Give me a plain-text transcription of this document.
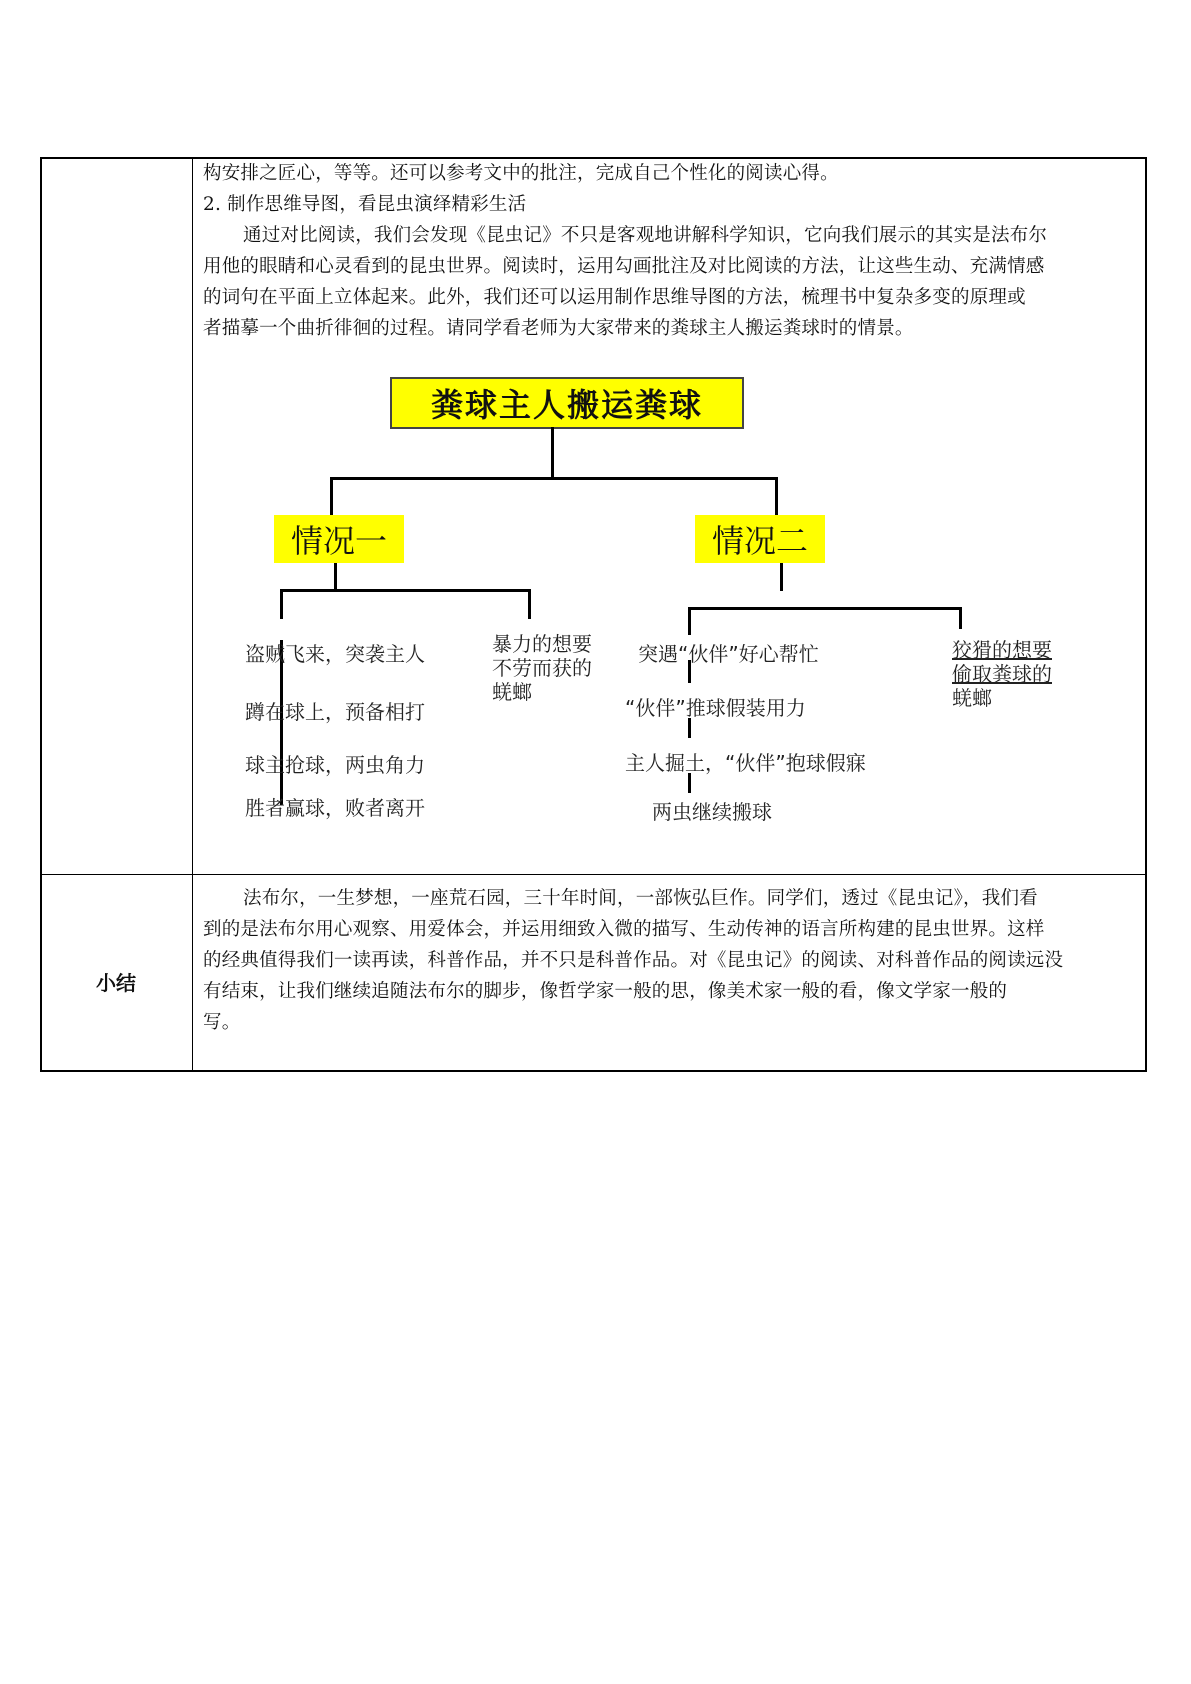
构安排之匠心，等等。还可以参考文中的批注，完成自己个性化的阅读心得。
2. 制作思维导图，看昆虫演绎精彩生活
通过对比阅读，我们会发现《昆虫记》不只是客观地讲解科学知识，它向我们展示的其实是法布尔
用他的眼睛和心灵看到的昆虫世界。阅读时，运用勾画批注及对比阅读的方法，让这些生动、充满情感
的词句在平面上立体起来。此外，我们还可以运用制作思维导图的方法，梳理书中复杂多变的原理或
者描摹一个曲折徘徊的过程。请同学看老师为大家带来的粪球主人搬运粪球时的情景。
粪球主人搬运粪球
情况一	情况二
盗贼飞来，突袭主人
蹲在球上，预备相打
球主抢球，两虫角力
胜者赢球，败者离开
暴力的想要
不劳而获的
蜣螂
突遇“伙伴”好心帮忙
“伙伴”推球假装用力
主人掘土，“伙伴”抱球假寐
两虫继续搬球
狡猾的想要
偷取粪球的
蜣螂
小结
法布尔，一生梦想，一座荒石园，三十年时间，一部恢弘巨作。同学们，透过《昆虫记》，我们看
到的是法布尔用心观察、用爱体会，并运用细致入微的描写、生动传神的语言所构建的昆虫世界。这样
的经典值得我们一读再读，科普作品，并不只是科普作品。对《昆虫记》的阅读、对科普作品的阅读远没
有结束，让我们继续追随法布尔的脚步，像哲学家一般的思，像美术家一般的看，像文学家一般的
写。
